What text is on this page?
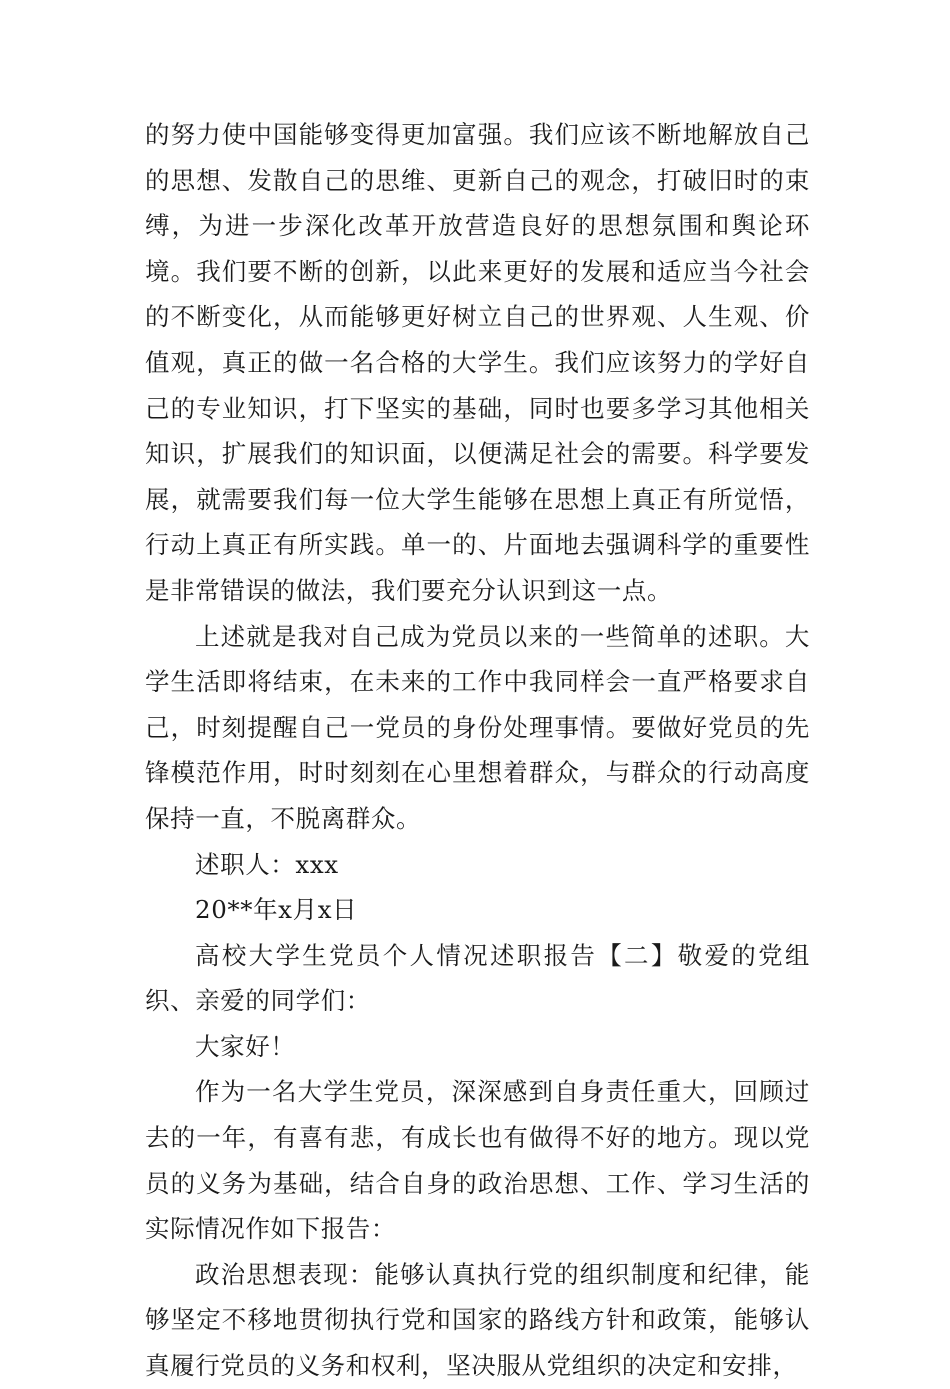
的努力使中国能够变得更加富强。我们应该不断地解放自己的思想、发散自己的思维、更新自己的观念，打破旧时的束缚，为进一步深化改革开放营造良好的思想氛围和舆论环境。我们要不断的创新，以此来更好的发展和适应当今社会的不断变化，从而能够更好树立自己的世界观、人生观、价值观，真正的做一名合格的大学生。我们应该努力的学好自己的专业知识，打下坚实的基础，同时也要多学习其他相关知识，扩展我们的知识面，以便满足社会的需要。科学要发展，就需要我们每一位大学生能够在思想上真正有所觉悟，行动上真正有所实践。单一的、片面地去强调科学的重要性是非常错误的做法，我们要充分认识到这一点。

上述就是我对自己成为党员以来的一些简单的述职。大学生活即将结束，在未来的工作中我同样会一直严格要求自己，时刻提醒自己一党员的身份处理事情。要做好党员的先锋模范作用，时时刻刻在心里想着群众，与群众的行动高度保持一直，不脱离群众。

述职人：xxx

20**年x月x日

高校大学生党员个人情况述职报告【二】敬爱的党组织、亲爱的同学们：

大家好！

作为一名大学生党员，深深感到自身责任重大，回顾过去的一年，有喜有悲，有成长也有做得不好的地方。现以党员的义务为基础，结合自身的政治思想、工作、学习生活的实际情况作如下报告：

政治思想表现：能够认真执行党的组织制度和纪律，能够坚定不移地贯彻执行党和国家的路线方针和政策，能够认真履行党员的义务和权利，坚决服从党组织的决定和安排，
